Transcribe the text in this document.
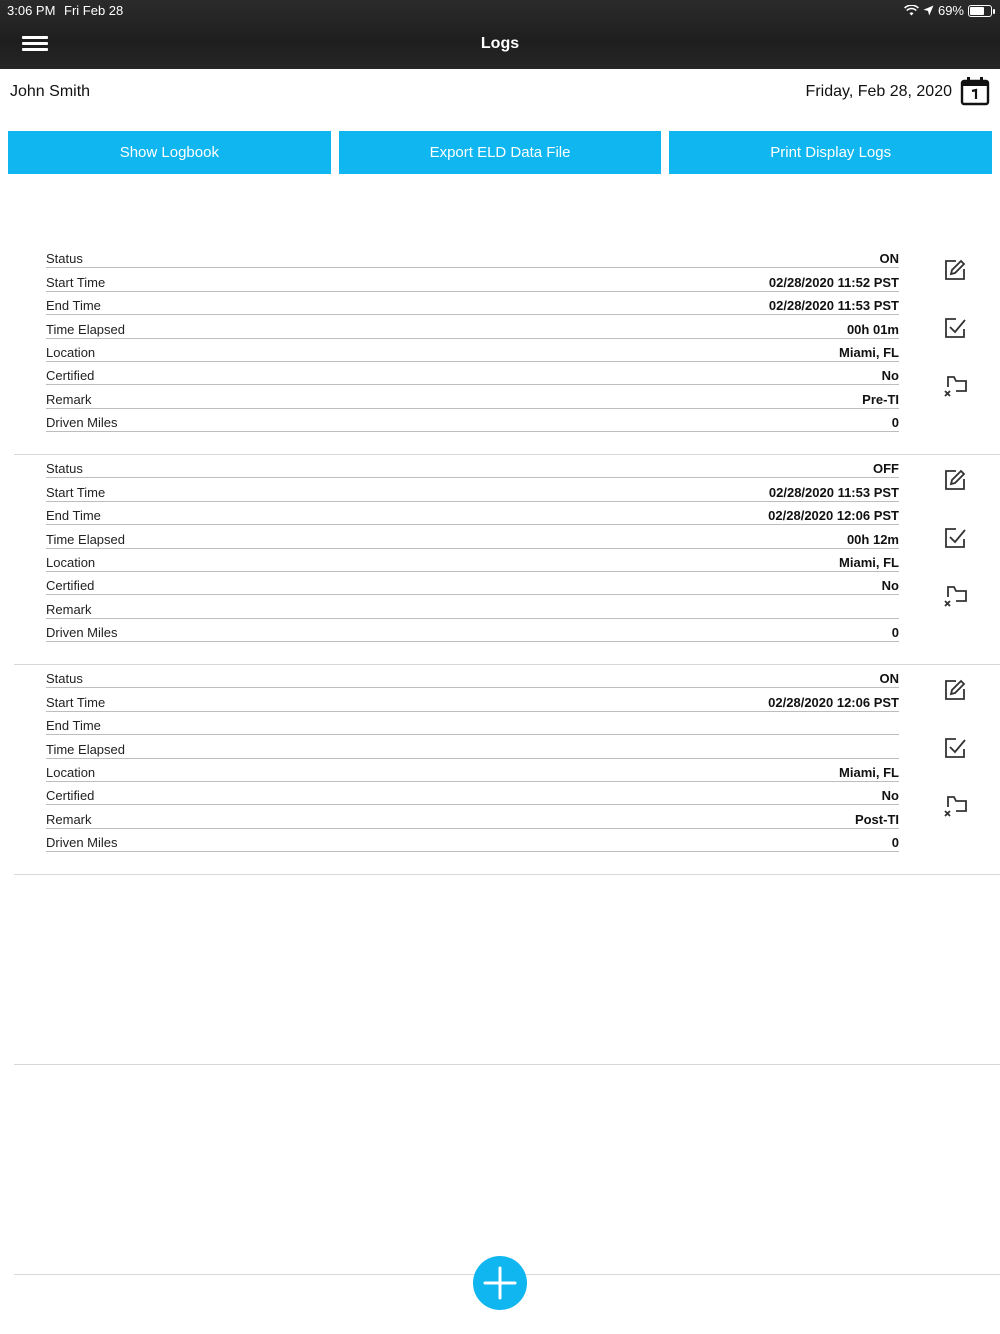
3:06 PM Fri Feb 28	69%
Logs
John Smith	Friday, Feb 28, 2020
Show Logbook	Export ELD Data File	Print Display Logs
Status	ON
Start Time	02/28/2020 11:52 PST
End Time	02/28/2020 11:53 PST
Time Elapsed	00h 01m
Location	Miami, FL
Certified	No
Remark	Pre-TI
Driven Miles	0
Status	OFF
Start Time	02/28/2020 11:53 PST
End Time	02/28/2020 12:06 PST
Time Elapsed	00h 12m
Location	Miami, FL
Certified	No
Remark
Driven Miles	0
Status	ON
Start Time	02/28/2020 12:06 PST
End Time
Time Elapsed
Location	Miami, FL
Certified	No
Remark	Post-TI
Driven Miles	0
